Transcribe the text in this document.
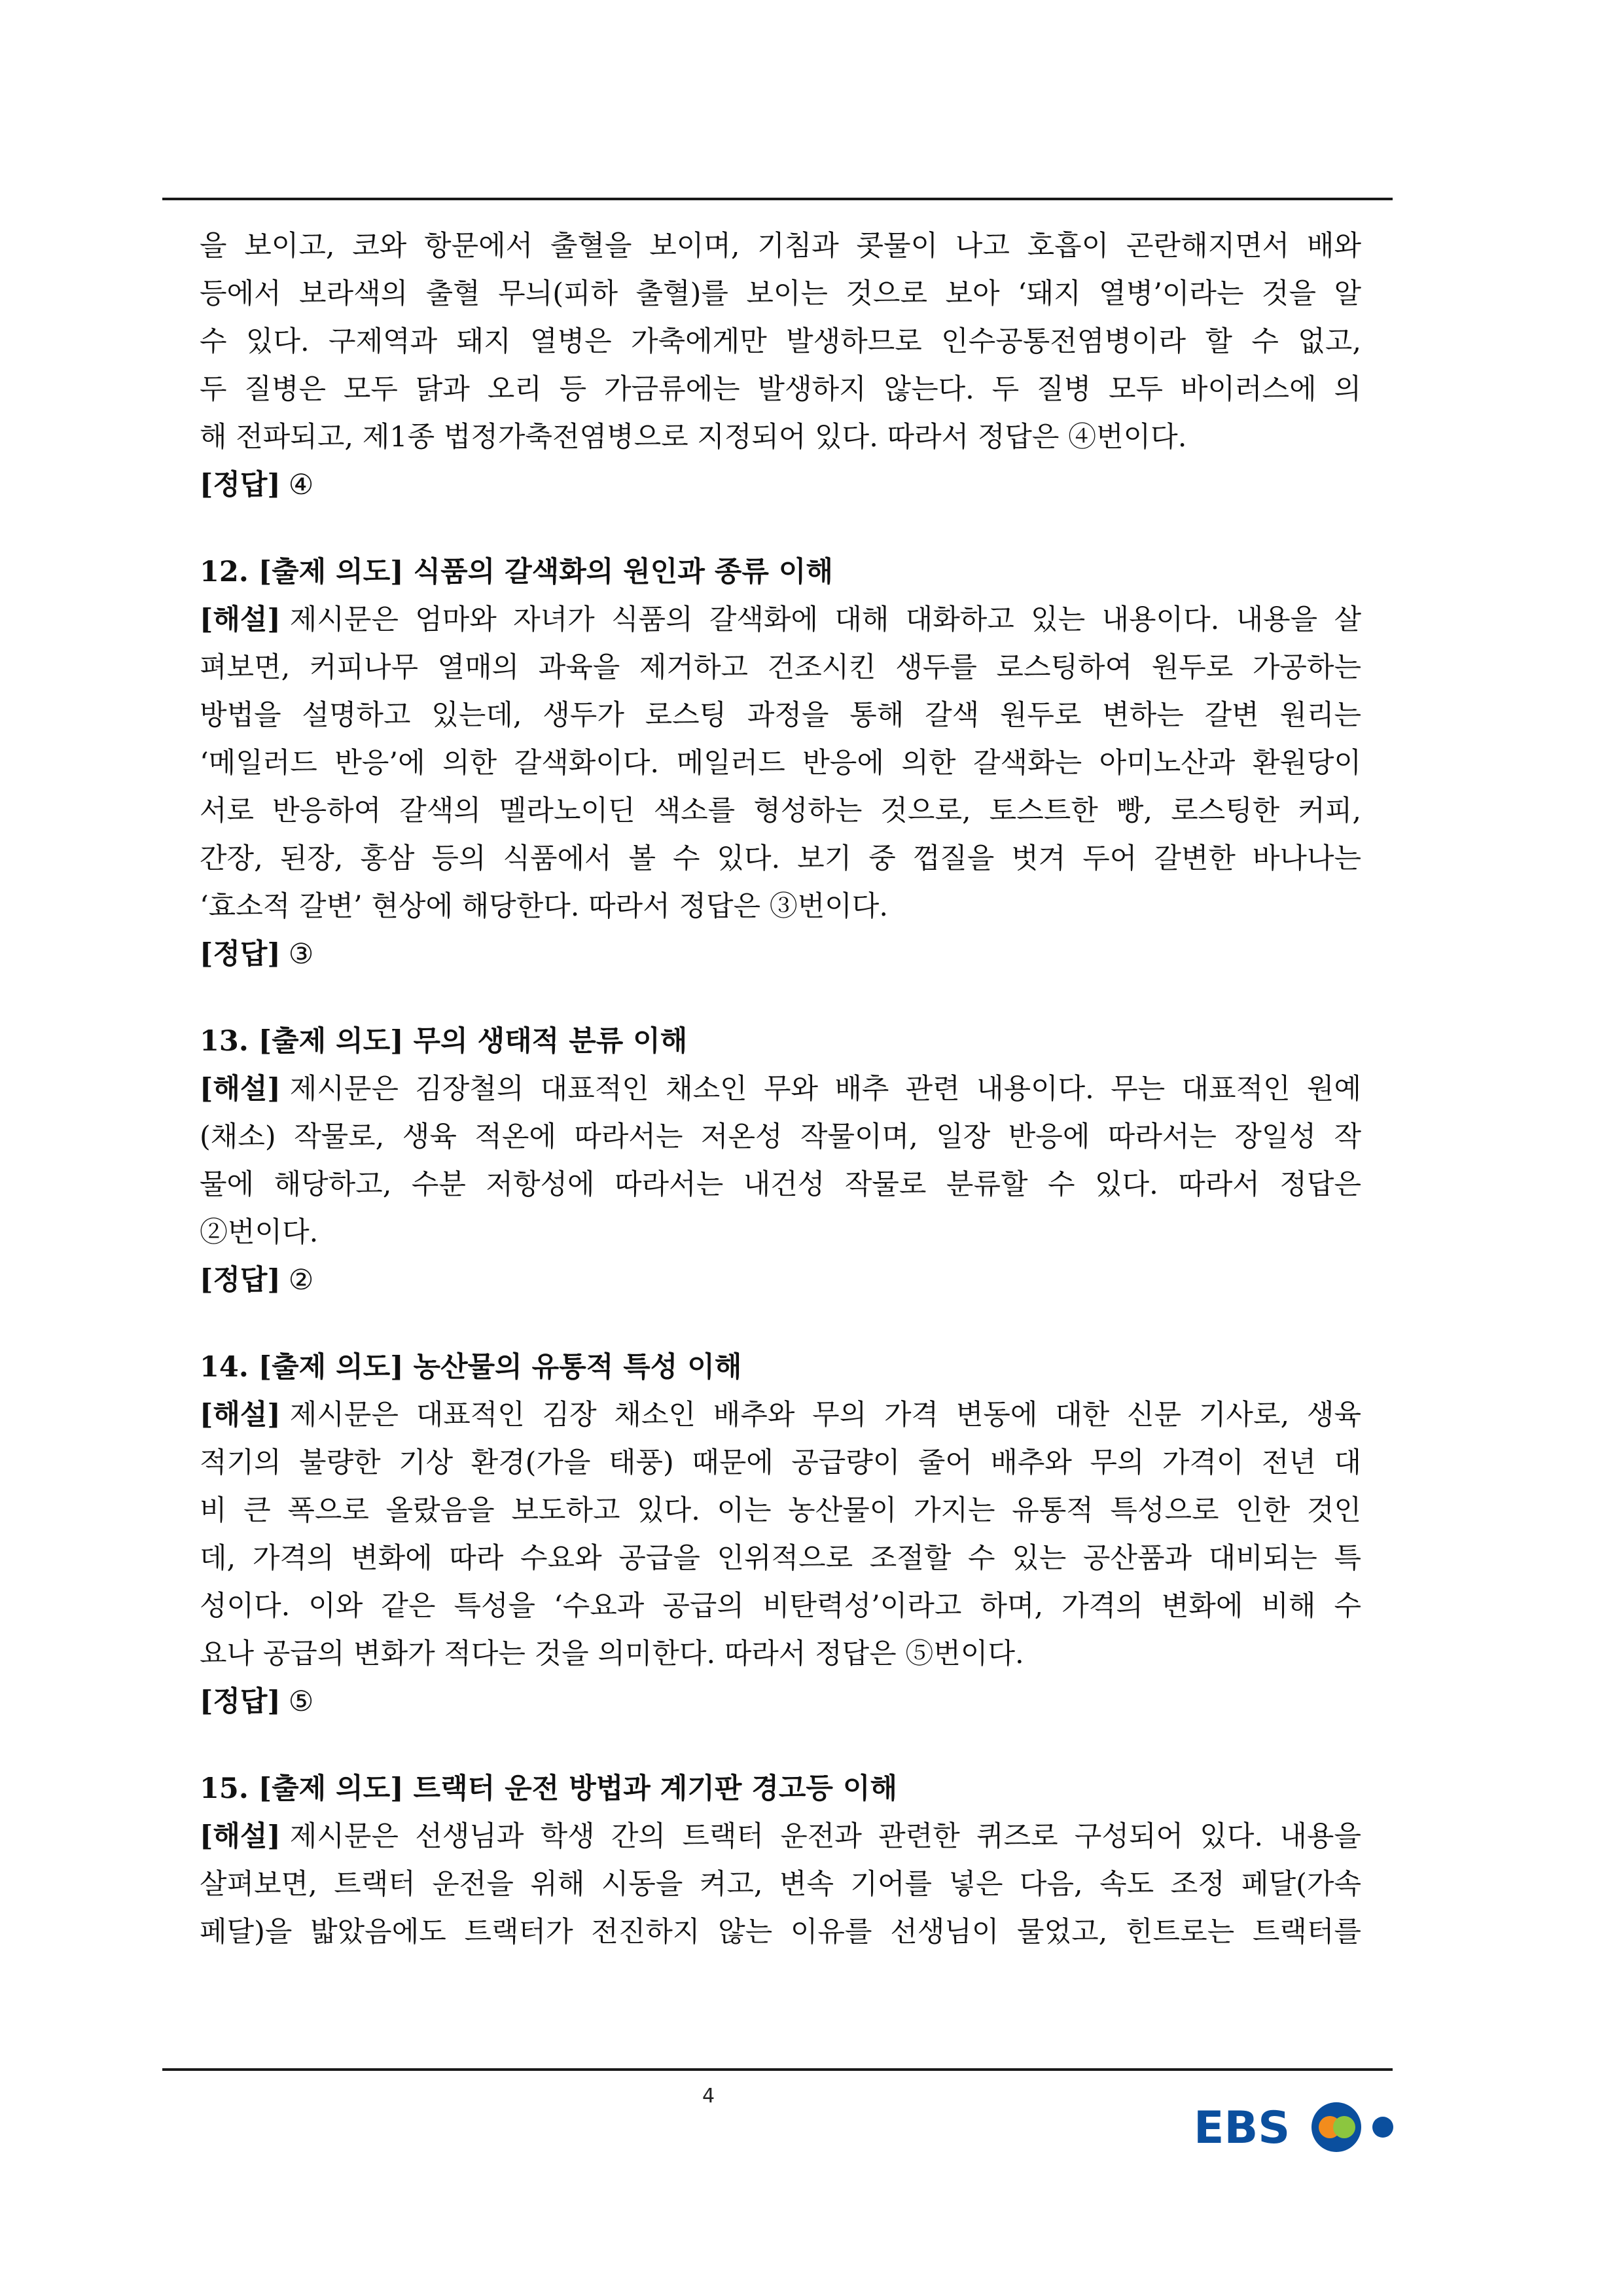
을 보이고, 코와 항문에서 출혈을 보이며, 기침과 콧물이 나고 호흡이 곤란해지면서 배와
등에서 보라색의 출혈 무늬(피하 출혈)를 보이는 것으로 보아 ‘돼지 열병’이라는 것을 알
수 있다. 구제역과 돼지 열병은 가축에게만 발생하므로 인수공통전염병이라 할 수 없고,
두 질병은 모두 닭과 오리 등 가금류에는 발생하지 않는다. 두 질병 모두 바이러스에 의
해 전파되고, 제1종 법정가축전염병으로 지정되어 있다. 따라서 정답은 ④번이다.
[정답] ④
12. [출제 의도] 식품의 갈색화의 원인과 종류 이해
[해설] 제시문은 엄마와 자녀가 식품의 갈색화에 대해 대화하고 있는 내용이다. 내용을 살
펴보면, 커피나무 열매의 과육을 제거하고 건조시킨 생두를 로스팅하여 원두로 가공하는
방법을 설명하고 있는데, 생두가 로스팅 과정을 통해 갈색 원두로 변하는 갈변 원리는
‘메일러드 반응’에 의한 갈색화이다. 메일러드 반응에 의한 갈색화는 아미노산과 환원당이
서로 반응하여 갈색의 멜라노이딘 색소를 형성하는 것으로, 토스트한 빵, 로스팅한 커피,
간장, 된장, 홍삼 등의 식품에서 볼 수 있다. 보기 중 껍질을 벗겨 두어 갈변한 바나나는
‘효소적 갈변’ 현상에 해당한다. 따라서 정답은 ③번이다.
[정답] ③
13. [출제 의도] 무의 생태적 분류 이해
[해설] 제시문은 김장철의 대표적인 채소인 무와 배추 관련 내용이다. 무는 대표적인 원예
(채소) 작물로, 생육 적온에 따라서는 저온성 작물이며, 일장 반응에 따라서는 장일성 작
물에 해당하고, 수분 저항성에 따라서는 내건성 작물로 분류할 수 있다. 따라서 정답은
②번이다.
[정답] ②
14. [출제 의도] 농산물의 유통적 특성 이해
[해설] 제시문은 대표적인 김장 채소인 배추와 무의 가격 변동에 대한 신문 기사로, 생육
적기의 불량한 기상 환경(가을 태풍) 때문에 공급량이 줄어 배추와 무의 가격이 전년 대
비 큰 폭으로 올랐음을 보도하고 있다. 이는 농산물이 가지는 유통적 특성으로 인한 것인
데, 가격의 변화에 따라 수요와 공급을 인위적으로 조절할 수 있는 공산품과 대비되는 특
성이다. 이와 같은 특성을 ‘수요과 공급의 비탄력성’이라고 하며, 가격의 변화에 비해 수
요나 공급의 변화가 적다는 것을 의미한다. 따라서 정답은 ⑤번이다.
[정답] ⑤
15. [출제 의도] 트랙터 운전 방법과 계기판 경고등 이해
[해설] 제시문은 선생님과 학생 간의 트랙터 운전과 관련한 퀴즈로 구성되어 있다. 내용을
살펴보면, 트랙터 운전을 위해 시동을 켜고, 변속 기어를 넣은 다음, 속도 조정 페달(가속
페달)을 밟았음에도 트랙터가 전진하지 않는 이유를 선생님이 물었고, 힌트로는 트랙터를
4
EBS
